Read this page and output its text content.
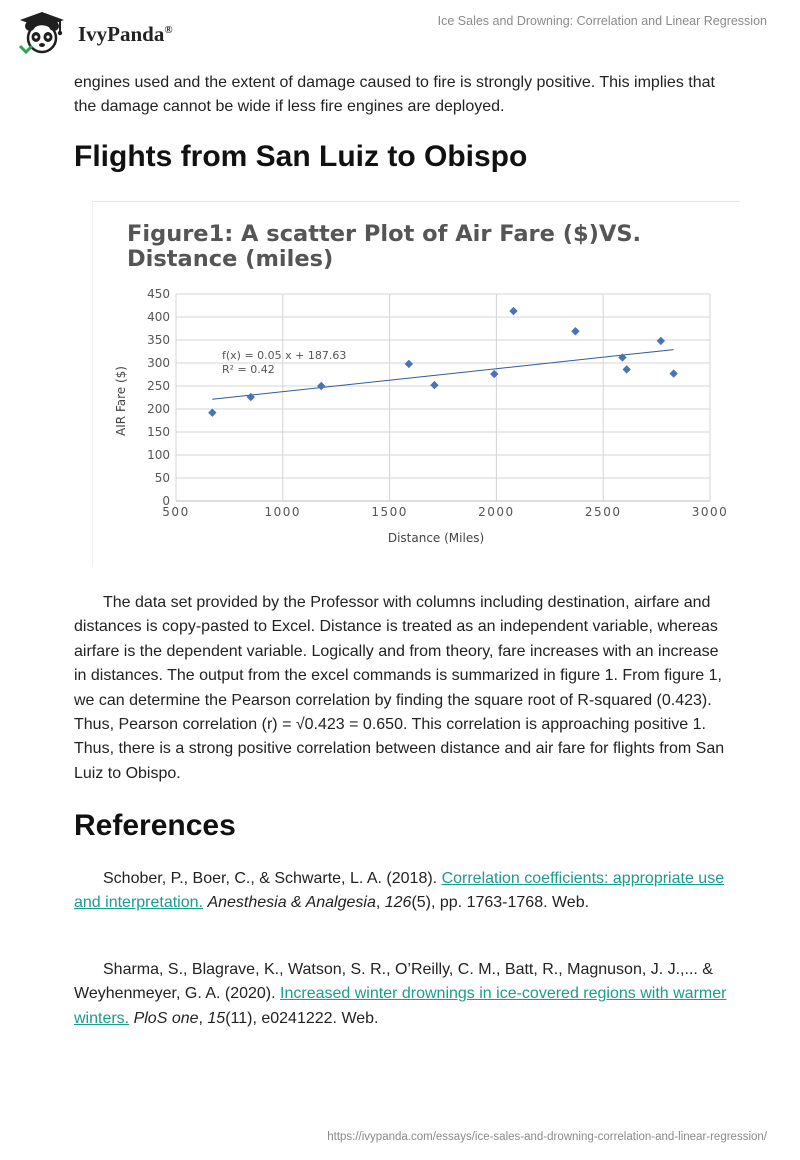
IvyPanda®
Ice Sales and Drowning: Correlation and Linear Regression

engines used and the extent of damage caused to fire is strongly positive. This implies that the damage cannot be wide if less fire engines are deployed.

Flights from San Luiz to Obispo
Figure1: A scatter Plot of Air Fare ($)VS.
Distance (miles)
0
50
100
150
200
250
300
350
400
450
500	1000	1500	2000	2500	3000
f(x) = 0.05 x + 187.63
R² = 0.42
Distance (Miles)
AIR Fare ($)

The data set provided by the Professor with columns including destination, airfare and distances is copy-pasted to Excel. Distance is treated as an independent variable, whereas airfare is the dependent variable. Logically and from theory, fare increases with an increase in distances. The output from the excel commands is summarized in figure 1. From figure 1, we can determine the Pearson correlation by finding the square root of R-squared (0.423). Thus, Pearson correlation (r) = √0.423 = 0.650. This correlation is approaching positive 1. Thus, there is a strong positive correlation between distance and air fare for flights from San Luiz to Obispo.

References

Schober, P., Boer, C., & Schwarte, L. A. (2018). Correlation coefficients: appropriate use and interpretation. Anesthesia & Analgesia, 126(5), pp. 1763-1768. Web.

Sharma, S., Blagrave, K., Watson, S. R., O’Reilly, C. M., Batt, R., Magnuson, J. J.,... & Weyhenmeyer, G. A. (2020). Increased winter drownings in ice-covered regions with warmer winters. PloS one, 15(11), e0241222. Web.

https://ivypanda.com/essays/ice-sales-and-drowning-correlation-and-linear-regression/
